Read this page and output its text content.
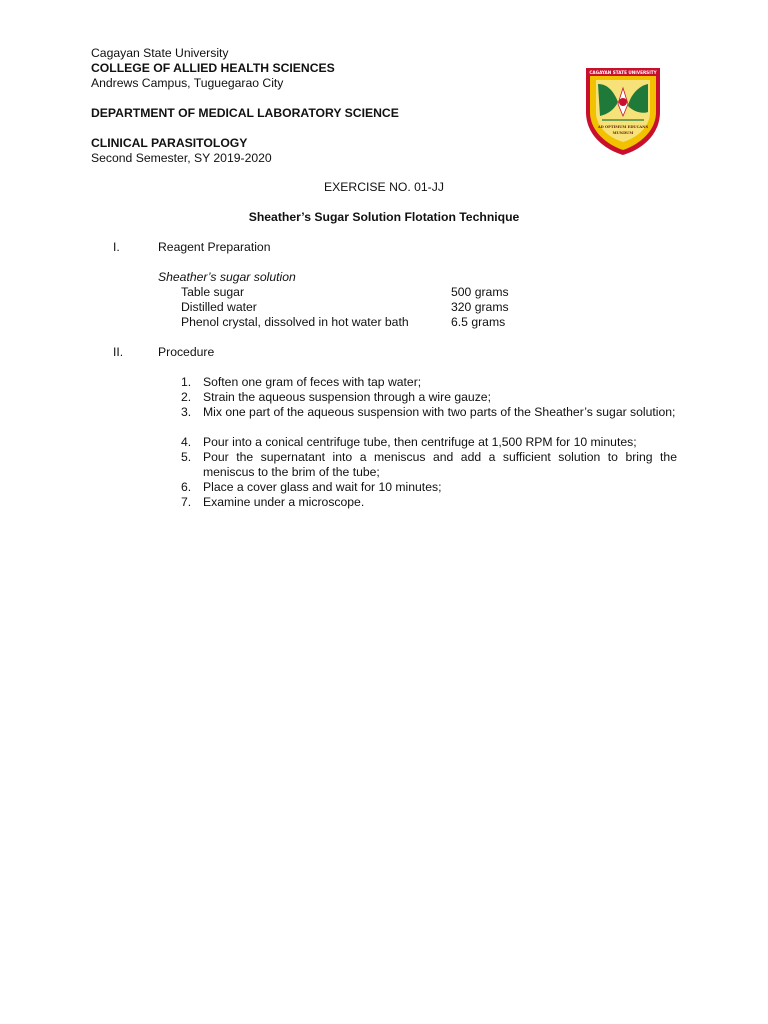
Cagayan State University
COLLEGE OF ALLIED HEALTH SCIENCES
Andrews Campus, Tuguegarao City
DEPARTMENT OF MEDICAL LABORATORY SCIENCE
CLINICAL PARASITOLOGY
Second Semester, SY 2019-2020
CAGAYAN STATE UNIVERSITY
AD OPTIMUM EDUCANS
MUNDUM
EXERCISE NO. 01-JJ
Sheather’s Sugar Solution Flotation Technique
I.	Reagent Preparation
Sheather’s sugar solution
Table sugar	500 grams
Distilled water	320 grams
Phenol crystal, dissolved in hot water bath	6.5 grams
II.	Procedure
1. Soften one gram of feces with tap water;
2. Strain the aqueous suspension through a wire gauze;
3. Mix one part of the aqueous suspension with two parts of the Sheather’s sugar solution;
4. Pour into a conical centrifuge tube, then centrifuge at 1,500 RPM for 10 minutes;
5. Pour the supernatant into a meniscus and add a sufficient solution to bring the meniscus to the brim of the tube;
6. Place a cover glass and wait for 10 minutes;
7. Examine under a microscope.
